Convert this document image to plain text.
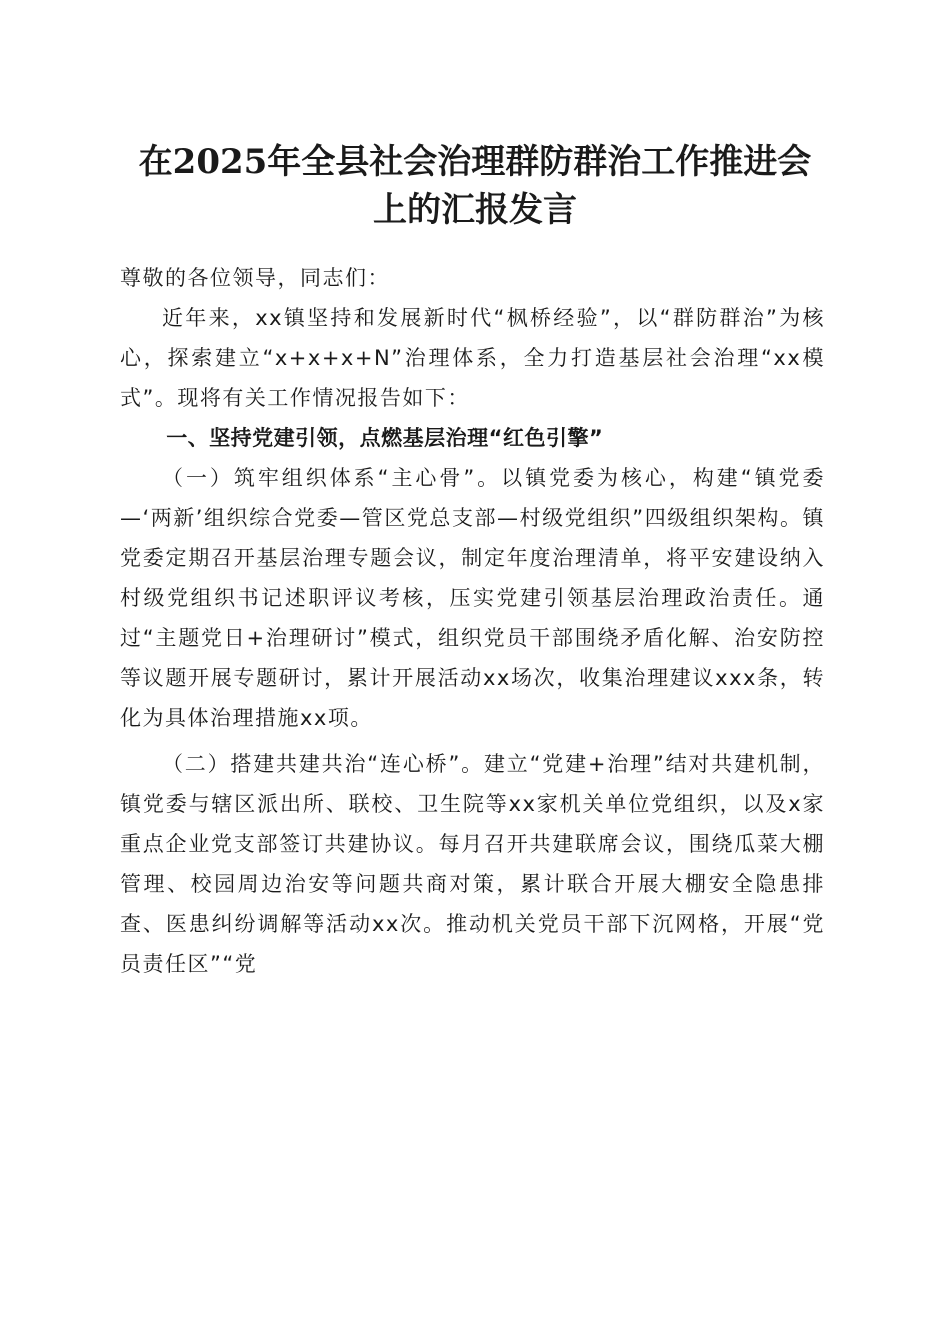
在2025年全县社会治理群防群治工作推进会
上的汇报发言

尊敬的各位领导，同志们：

近年来，xx镇坚持和发展新时代“枫桥经验”，以“群防群治”为核心，探索建立“x+x+x+N”治理体系，全力打造基层社会治理“xx模式”。现将有关工作情况报告如下：

一、坚持党建引领，点燃基层治理“红色引擎”

（一）筑牢组织体系“主心骨”。以镇党委为核心，构建“镇党委—‘两新’组织综合党委—管区党总支部—村级党组织”四级组织架构。镇党委定期召开基层治理专题会议，制定年度治理清单，将平安建设纳入村级党组织书记述职评议考核，压实党建引领基层治理政治责任。通过“主题党日+治理研讨”模式，组织党员干部围绕矛盾化解、治安防控等议题开展专题研讨，累计开展活动xx场次，收集治理建议xxx条，转化为具体治理措施xx项。

（二）搭建共建共治“连心桥”。建立“党建+治理”结对共建机制，镇党委与辖区派出所、联校、卫生院等xx家机关单位党组织，以及x家重点企业党支部签订共建协议。每月召开共建联席会议，围绕瓜菜大棚管理、校园周边治安等问题共商对策，累计联合开展大棚安全隐患排查、医患纠纷调解等活动xx次。推动机关党员干部下沉网格，开展“党员责任区”“党
